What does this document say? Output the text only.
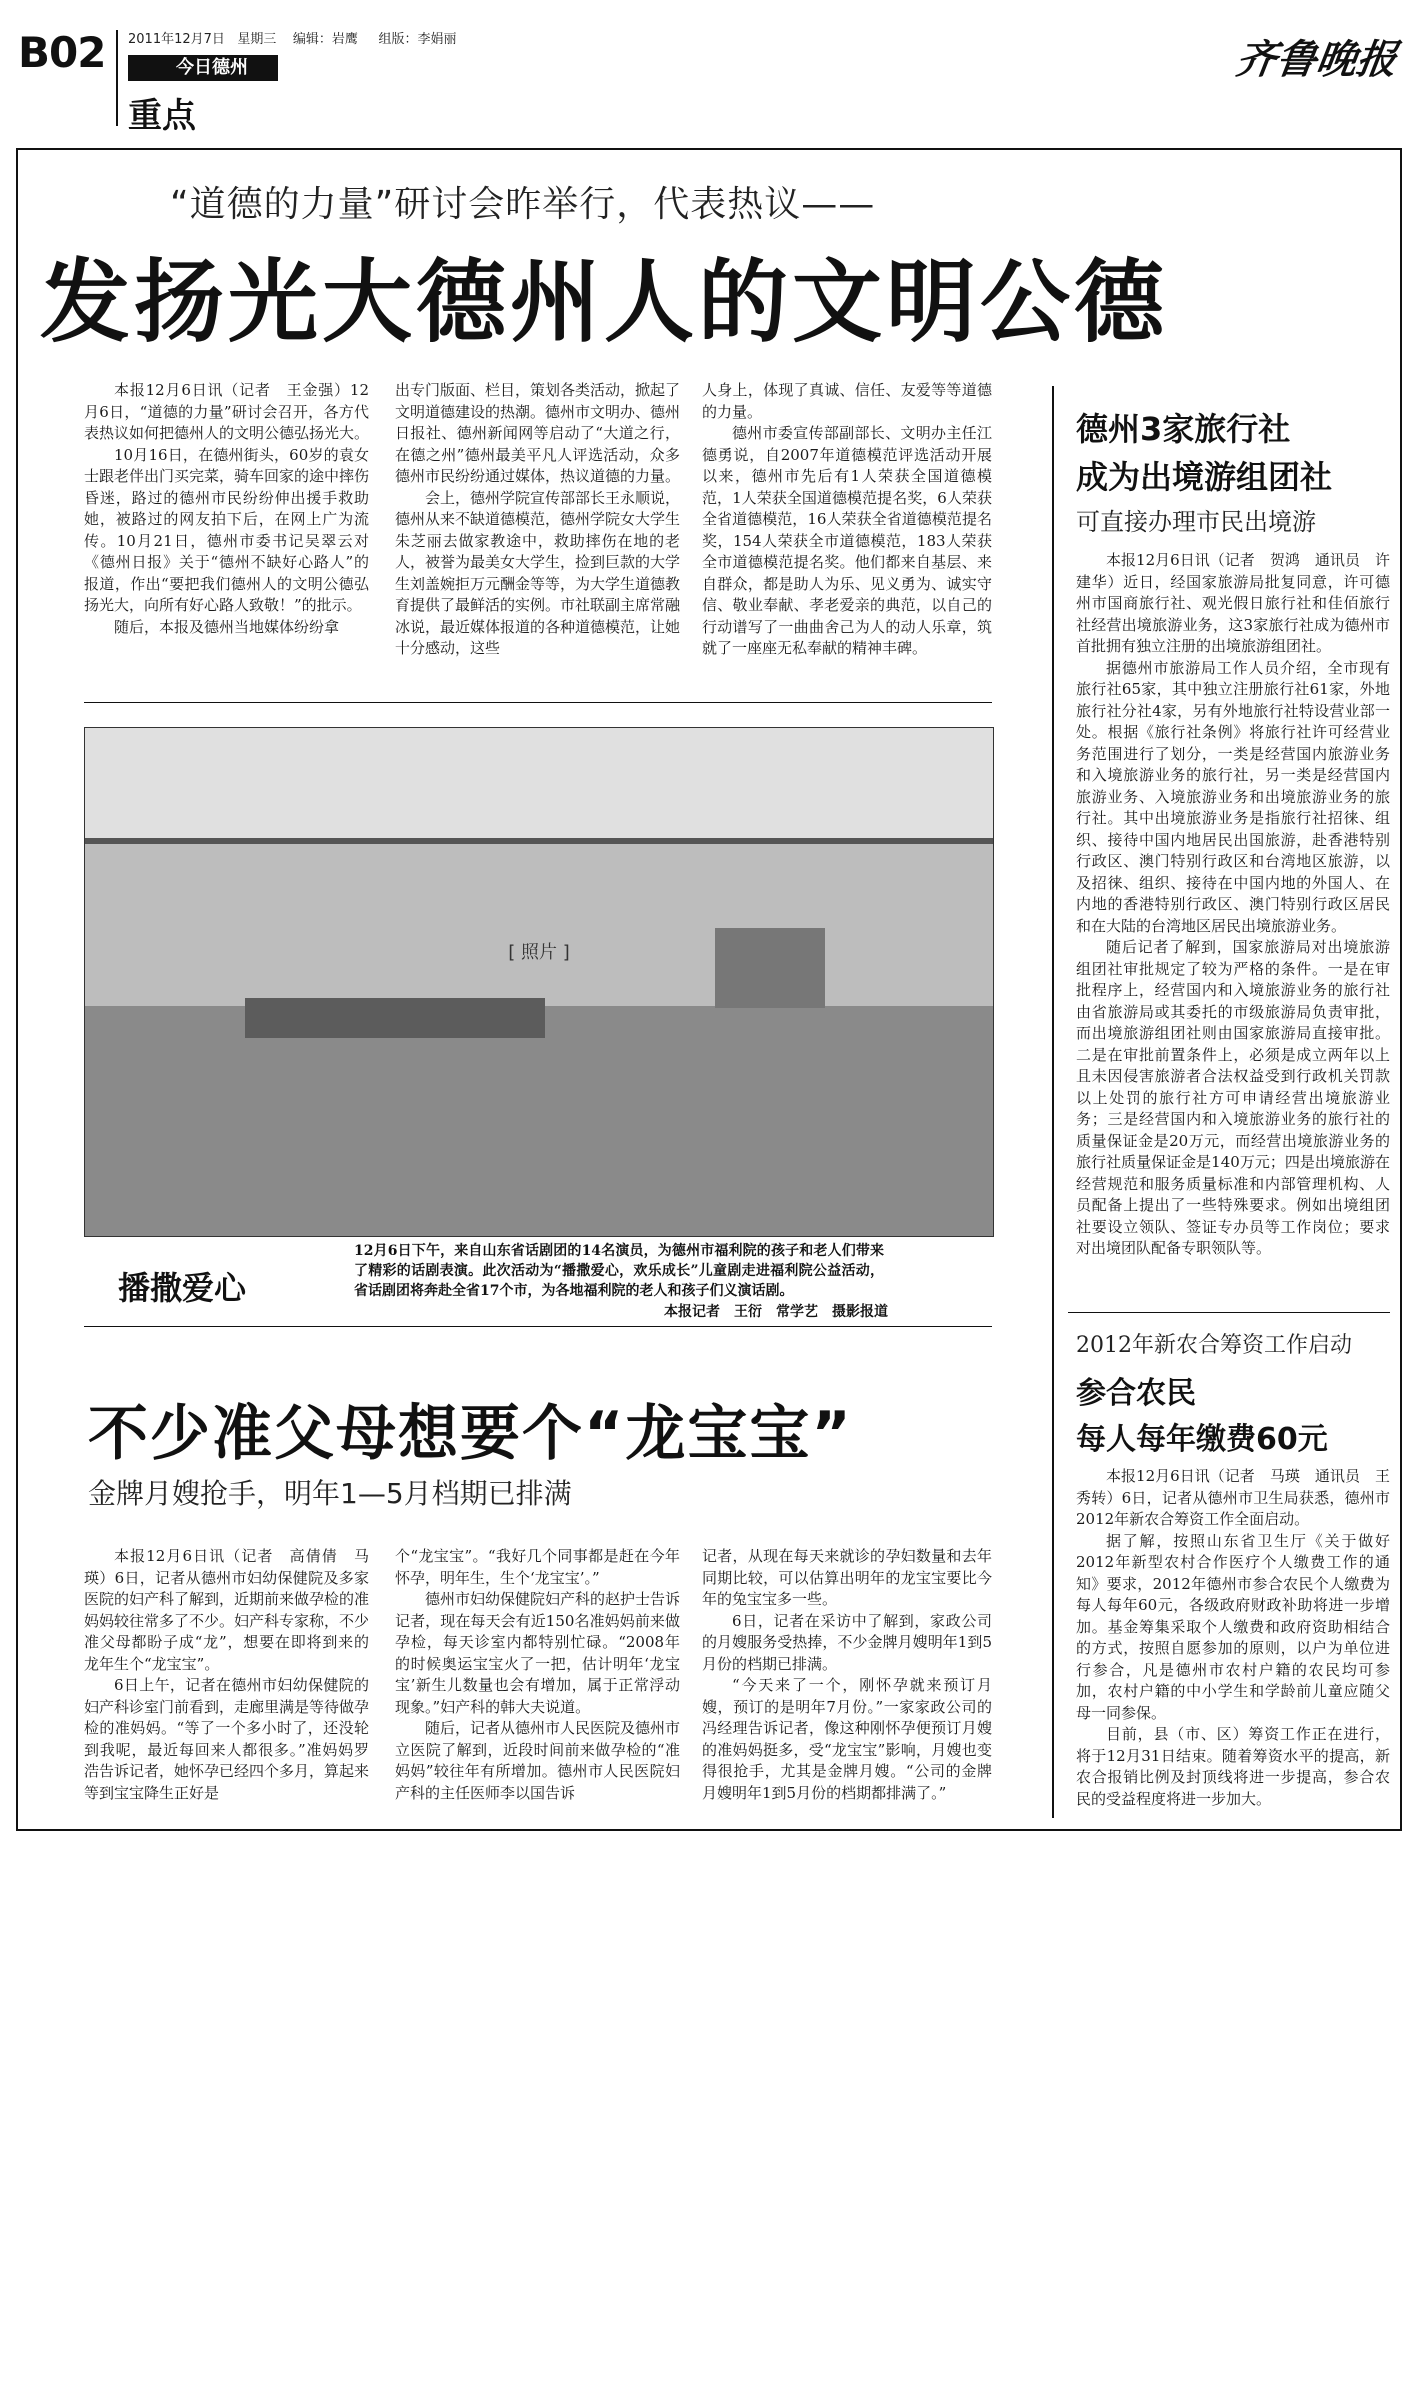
B02 2011年12月7日 星期三 编辑：岩鹰 组版：李娟丽
今日德州
重点
齐鲁晚报
“道德的力量”研讨会昨举行，代表热议——
发扬光大德州人的文明公德

本报12月6日讯（记者　王金强）12月6日，“道德的力量”研讨会召开，各方代表热议如何把德州人的文明公德弘扬光大。

10月16日，在德州街头，60岁的袁女士跟老伴出门买完菜，骑车回家的途中摔伤昏迷，路过的德州市民纷纷伸出援手救助她，被路过的网友拍下后，在网上广为流传。10月21日，德州市委书记吴翠云对《德州日报》关于“德州不缺好心路人”的报道，作出“要把我们德州人的文明公德弘扬光大，向所有好心路人致敬！”的批示。

随后，本报及德州当地媒体纷纷拿

出专门版面、栏目，策划各类活动，掀起了文明道德建设的热潮。德州市文明办、德州日报社、德州新闻网等启动了“大道之行，在德之州”德州最美平凡人评选活动，众多德州市民纷纷通过媒体，热议道德的力量。

会上，德州学院宣传部部长王永顺说，德州从来不缺道德模范，德州学院女大学生朱芝丽去做家教途中，救助摔伤在地的老人，被誉为最美女大学生，捡到巨款的大学生刘盖婉拒万元酬金等等，为大学生道德教育提供了最鲜活的实例。市社联副主席常融冰说，最近媒体报道的各种道德模范，让她十分感动，这些

人身上，体现了真诚、信任、友爱等等道德的力量。

德州市委宣传部副部长、文明办主任江德勇说，自2007年道德模范评选活动开展以来，德州市先后有1人荣获全国道德模范，1人荣获全国道德模范提名奖，6人荣获全省道德模范，16人荣获全省道德模范提名奖，154人荣获全市道德模范，183人荣获全市道德模范提名奖。他们都来自基层、来自群众，都是助人为乐、见义勇为、诚实守信、敬业奉献、孝老爱亲的典范，以自己的行动谱写了一曲曲舍己为人的动人乐章，筑就了一座座无私奉献的精神丰碑。

[ 照片 ]
播撒爱心
12月6日下午，来自山东省话剧团的14名演员，为德州市福利院的孩子和老人们带来了精彩的话剧表演。此次活动为“播撒爱心，欢乐成长”儿童剧走进福利院公益活动，省话剧团将奔赴全省17个市，为各地福利院的老人和孩子们义演话剧。
本报记者　王衍　常学艺　摄影报道
不少准父母想要个“龙宝宝”
金牌月嫂抢手，明年1—5月档期已排满

本报12月6日讯（记者　高倩倩　马瑛）6日，记者从德州市妇幼保健院及多家医院的妇产科了解到，近期前来做孕检的准妈妈较往常多了不少。妇产科专家称，不少准父母都盼子成“龙”，想要在即将到来的龙年生个“龙宝宝”。

6日上午，记者在德州市妇幼保健院的妇产科诊室门前看到，走廊里满是等待做孕检的准妈妈。“等了一个多小时了，还没轮到我呢，最近每回来人都很多。”准妈妈罗浩告诉记者，她怀孕已经四个多月，算起来等到宝宝降生正好是

个“龙宝宝”。“我好几个同事都是赶在今年怀孕，明年生，生个‘龙宝宝’。”

德州市妇幼保健院妇产科的赵护士告诉记者，现在每天会有近150名准妈妈前来做孕检，每天诊室内都特别忙碌。“2008年的时候奥运宝宝火了一把，估计明年‘龙宝宝’新生儿数量也会有增加，属于正常浮动现象。”妇产科的韩大夫说道。

随后，记者从德州市人民医院及德州市立医院了解到，近段时间前来做孕检的“准妈妈”较往年有所增加。德州市人民医院妇产科的主任医师李以国告诉

记者，从现在每天来就诊的孕妇数量和去年同期比较，可以估算出明年的龙宝宝要比今年的兔宝宝多一些。

6日，记者在采访中了解到，家政公司的月嫂服务受热捧，不少金牌月嫂明年1到5月份的档期已排满。

“今天来了一个，刚怀孕就来预订月嫂，预订的是明年7月份。”一家家政公司的冯经理告诉记者，像这种刚怀孕便预订月嫂的准妈妈挺多，受“龙宝宝”影响，月嫂也变得很抢手，尤其是金牌月嫂。“公司的金牌月嫂明年1到5月份的档期都排满了。”

德州3家旅行社
成为出境游组团社
可直接办理市民出境游

本报12月6日讯（记者　贺鸿　通讯员　许建华）近日，经国家旅游局批复同意，许可德州市国商旅行社、观光假日旅行社和佳佰旅行社经营出境旅游业务，这3家旅行社成为德州市首批拥有独立注册的出境旅游组团社。

据德州市旅游局工作人员介绍，全市现有旅行社65家，其中独立注册旅行社61家，外地旅行社分社4家，另有外地旅行社特设营业部一处。根据《旅行社条例》将旅行社许可经营业务范围进行了划分，一类是经营国内旅游业务和入境旅游业务的旅行社，另一类是经营国内旅游业务、入境旅游业务和出境旅游业务的旅行社。其中出境旅游业务是指旅行社招徕、组织、接待中国内地居民出国旅游，赴香港特别行政区、澳门特别行政区和台湾地区旅游，以及招徕、组织、接待在中国内地的外国人、在内地的香港特别行政区、澳门特别行政区居民和在大陆的台湾地区居民出境旅游业务。

随后记者了解到，国家旅游局对出境旅游组团社审批规定了较为严格的条件。一是在审批程序上，经营国内和入境旅游业务的旅行社由省旅游局或其委托的市级旅游局负责审批，而出境旅游组团社则由国家旅游局直接审批。二是在审批前置条件上，必须是成立两年以上且未因侵害旅游者合法权益受到行政机关罚款以上处罚的旅行社方可申请经营出境旅游业务；三是经营国内和入境旅游业务的旅行社的质量保证金是20万元，而经营出境旅游业务的旅行社质量保证金是140万元；四是出境旅游在经营规范和服务质量标准和内部管理机构、人员配备上提出了一些特殊要求。例如出境组团社要设立领队、签证专办员等工作岗位；要求对出境团队配备专职领队等。

2012年新农合筹资工作启动
参合农民
每人每年缴费60元

本报12月6日讯（记者　马瑛　通讯员　王秀转）6日，记者从德州市卫生局获悉，德州市2012年新农合筹资工作全面启动。

据了解，按照山东省卫生厅《关于做好2012年新型农村合作医疗个人缴费工作的通知》要求，2012年德州市参合农民个人缴费为每人每年60元，各级政府财政补助将进一步增加。基金筹集采取个人缴费和政府资助相结合的方式，按照自愿参加的原则，以户为单位进行参合，凡是德州市农村户籍的农民均可参加，农村户籍的中小学生和学龄前儿童应随父母一同参保。

目前，县（市、区）筹资工作正在进行，将于12月31日结束。随着筹资水平的提高，新农合报销比例及封顶线将进一步提高，参合农民的受益程度将进一步加大。
